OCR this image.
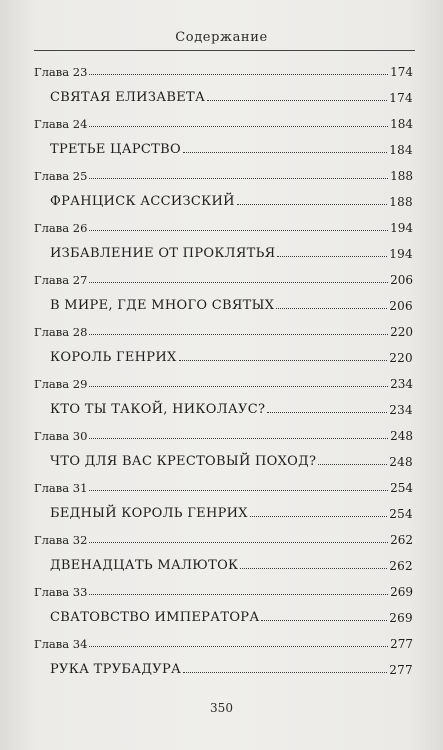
Содержание
Глава 23	174
СВЯТАЯ ЕЛИЗАВЕТА	174
Глава 24	184
ТРЕТЬЕ ЦАРСТВО	184
Глава 25	188
ФРАНЦИСК АССИЗСКИЙ	188
Глава 26	194
ИЗБАВЛЕНИЕ ОТ ПРОКЛЯТЬЯ	194
Глава 27	206
В МИРЕ, ГДЕ МНОГО СВЯТЫХ	206
Глава 28	220
КОРОЛЬ ГЕНРИХ	220
Глава 29	234
КТО ТЫ ТАКОЙ, НИКОЛАУС?	234
Глава 30	248
ЧТО ДЛЯ ВАС КРЕСТОВЫЙ ПОХОД?	248
Глава 31	254
БЕДНЫЙ КОРОЛЬ ГЕНРИХ	254
Глава 32	262
ДВЕНАДЦАТЬ МАЛЮТОК	262
Глава 33	269
СВАТОВСТВО ИМПЕРАТОРА	269
Глава 34	277
РУКА ТРУБАДУРА	277
350
